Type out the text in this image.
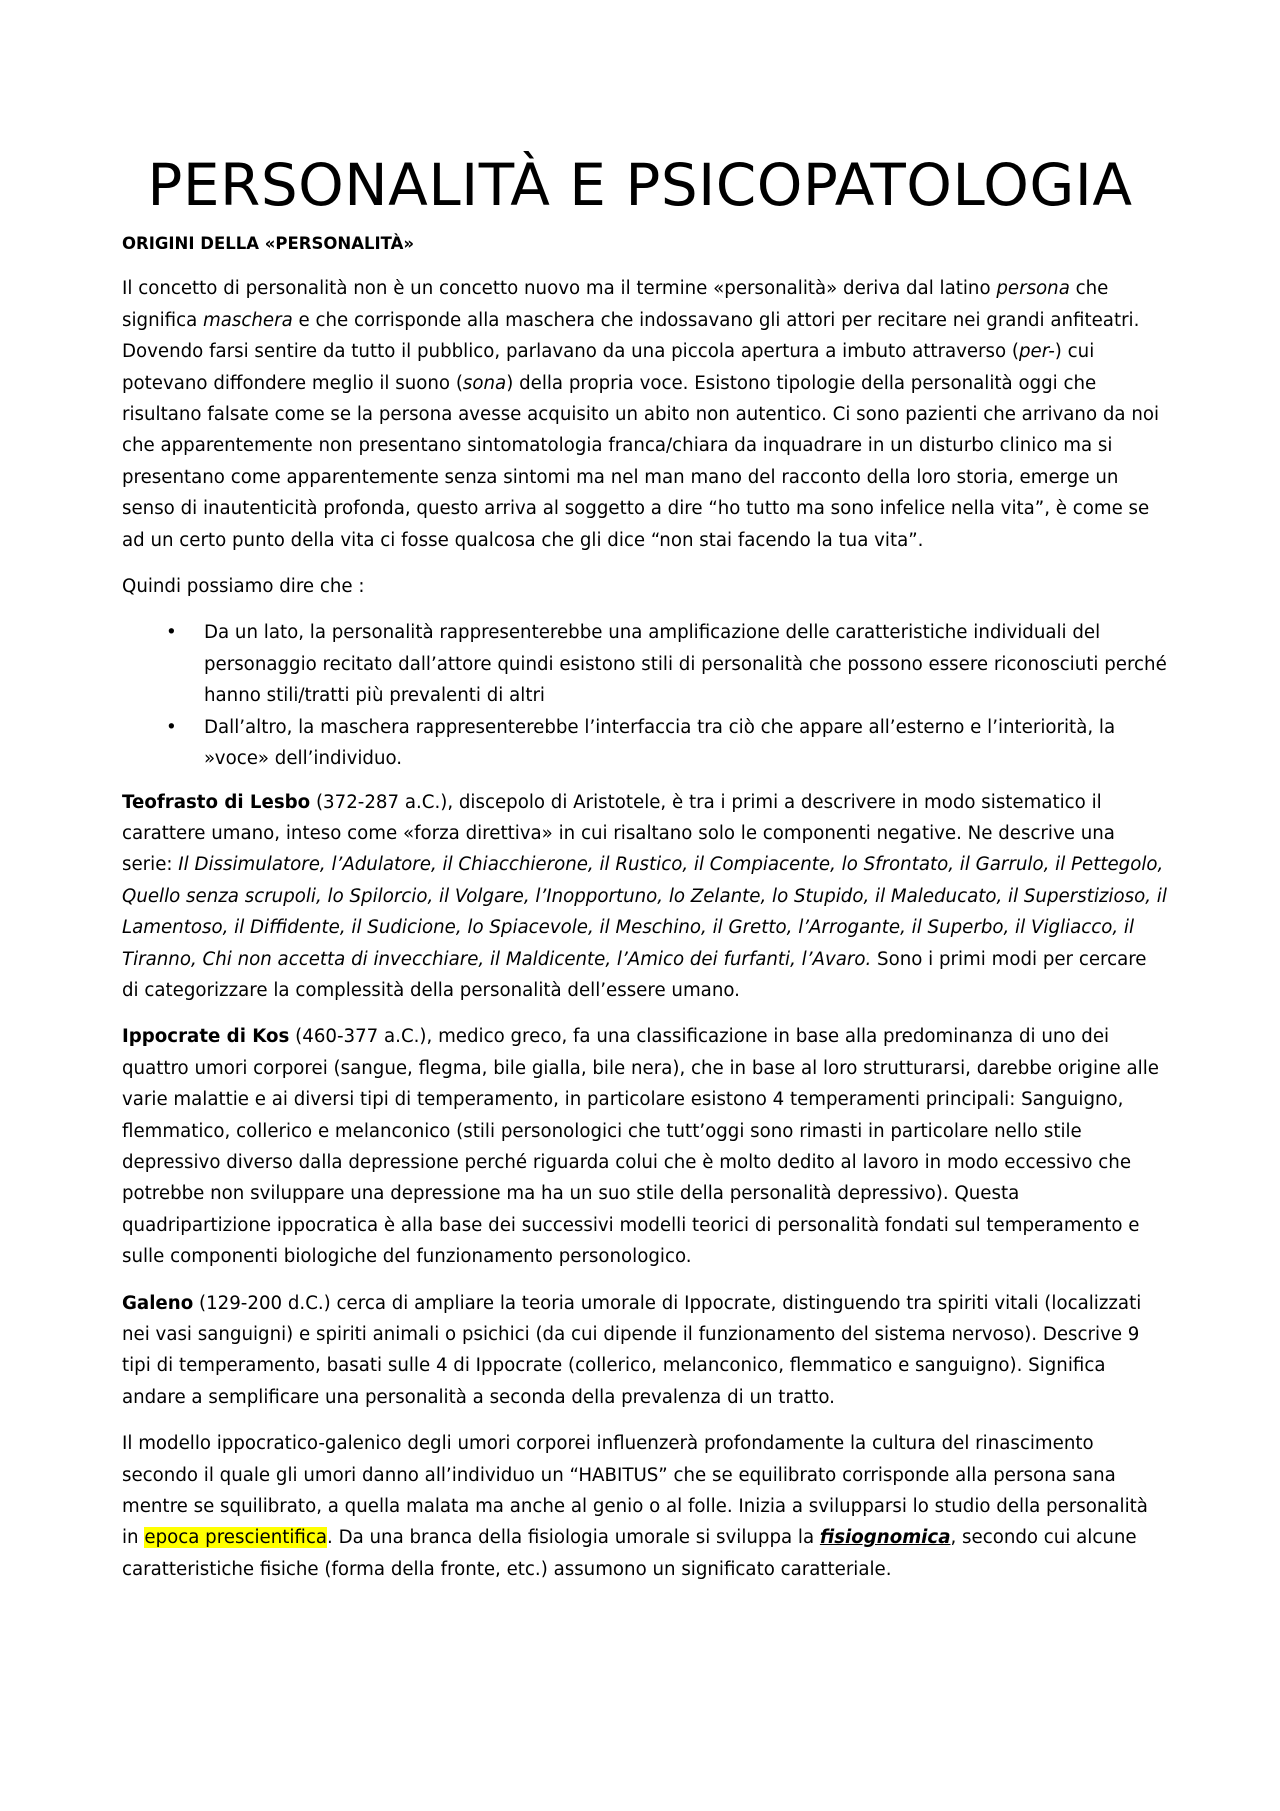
PERSONALITÀ E PSICOPATOLOGIA

ORIGINI DELLA «PERSONALITÀ»

Il concetto di personalità non è un concetto nuovo ma il termine «personalità» deriva dal latino persona che significa maschera e che corrisponde alla maschera che indossavano gli attori per recitare nei grandi anfiteatri. Dovendo farsi sentire da tutto il pubblico, parlavano da una piccola apertura a imbuto attraverso (per-) cui potevano diffondere meglio il suono (sona) della propria voce. Esistono tipologie della personalità oggi che risultano falsate come se la persona avesse acquisito un abito non autentico. Ci sono pazienti che arrivano da noi che apparentemente non presentano sintomatologia franca/chiara da inquadrare in un disturbo clinico ma si presentano come apparentemente senza sintomi ma nel man mano del racconto della loro storia, emerge un senso di inautenticità profonda, questo arriva al soggetto a dire “ho tutto ma sono infelice nella vita”, è come se ad un certo punto della vita ci fosse qualcosa che gli dice “non stai facendo la tua vita”.

Quindi possiamo dire che :

• Da un lato, la personalità rappresenterebbe una amplificazione delle caratteristiche individuali del personaggio recitato dall’attore quindi esistono stili di personalità che possono essere riconosciuti perché hanno stili/tratti più prevalenti di altri
• Dall’altro, la maschera rappresenterebbe l’interfaccia tra ciò che appare all’esterno e l’interiorità, la »voce» dell’individuo.

Teofrasto di Lesbo (372-287 a.C.), discepolo di Aristotele, è tra i primi a descrivere in modo sistematico il carattere umano, inteso come «forza direttiva» in cui risaltano solo le componenti negative. Ne descrive una serie: Il Dissimulatore, l’Adulatore, il Chiacchierone, il Rustico, il Compiacente, lo Sfrontato, il Garrulo, il Pettegolo, Quello senza scrupoli, lo Spilorcio, il Volgare, l’Inopportuno, lo Zelante, lo Stupido, il Maleducato, il Superstizioso, il Lamentoso, il Diffidente, il Sudicione, lo Spiacevole, il Meschino, il Gretto, l’Arrogante, il Superbo, il Vigliacco, il Tiranno, Chi non accetta di invecchiare, il Maldicente, l’Amico dei furfanti, l’Avaro. Sono i primi modi per cercare di categorizzare la complessità della personalità dell’essere umano.

Ippocrate di Kos (460-377 a.C.), medico greco, fa una classificazione in base alla predominanza di uno dei quattro umori corporei (sangue, flegma, bile gialla, bile nera), che in base al loro strutturarsi, darebbe origine alle varie malattie e ai diversi tipi di temperamento, in particolare esistono 4 temperamenti principali: Sanguigno, flemmatico, collerico e melanconico (stili personologici che tutt’oggi sono rimasti in particolare nello stile depressivo diverso dalla depressione perché riguarda colui che è molto dedito al lavoro in modo eccessivo che potrebbe non sviluppare una depressione ma ha un suo stile della personalità depressivo). Questa quadripartizione ippocratica è alla base dei successivi modelli teorici di personalità fondati sul temperamento e sulle componenti biologiche del funzionamento personologico.

Galeno (129-200 d.C.) cerca di ampliare la teoria umorale di Ippocrate, distinguendo tra spiriti vitali (localizzati nei vasi sanguigni) e spiriti animali o psichici (da cui dipende il funzionamento del sistema nervoso). Descrive 9 tipi di temperamento, basati sulle 4 di Ippocrate (collerico, melanconico, flemmatico e sanguigno). Significa andare a semplificare una personalità a seconda della prevalenza di un tratto.

Il modello ippocratico-galenico degli umori corporei influenzerà profondamente la cultura del rinascimento secondo il quale gli umori danno all’individuo un “HABITUS” che se equilibrato corrisponde alla persona sana mentre se squilibrato, a quella malata ma anche al genio o al folle. Inizia a svilupparsi lo studio della personalità in epoca prescientifica. Da una branca della fisiologia umorale si sviluppa la fisiognomica, secondo cui alcune caratteristiche fisiche (forma della fronte, etc.) assumono un significato caratteriale.
